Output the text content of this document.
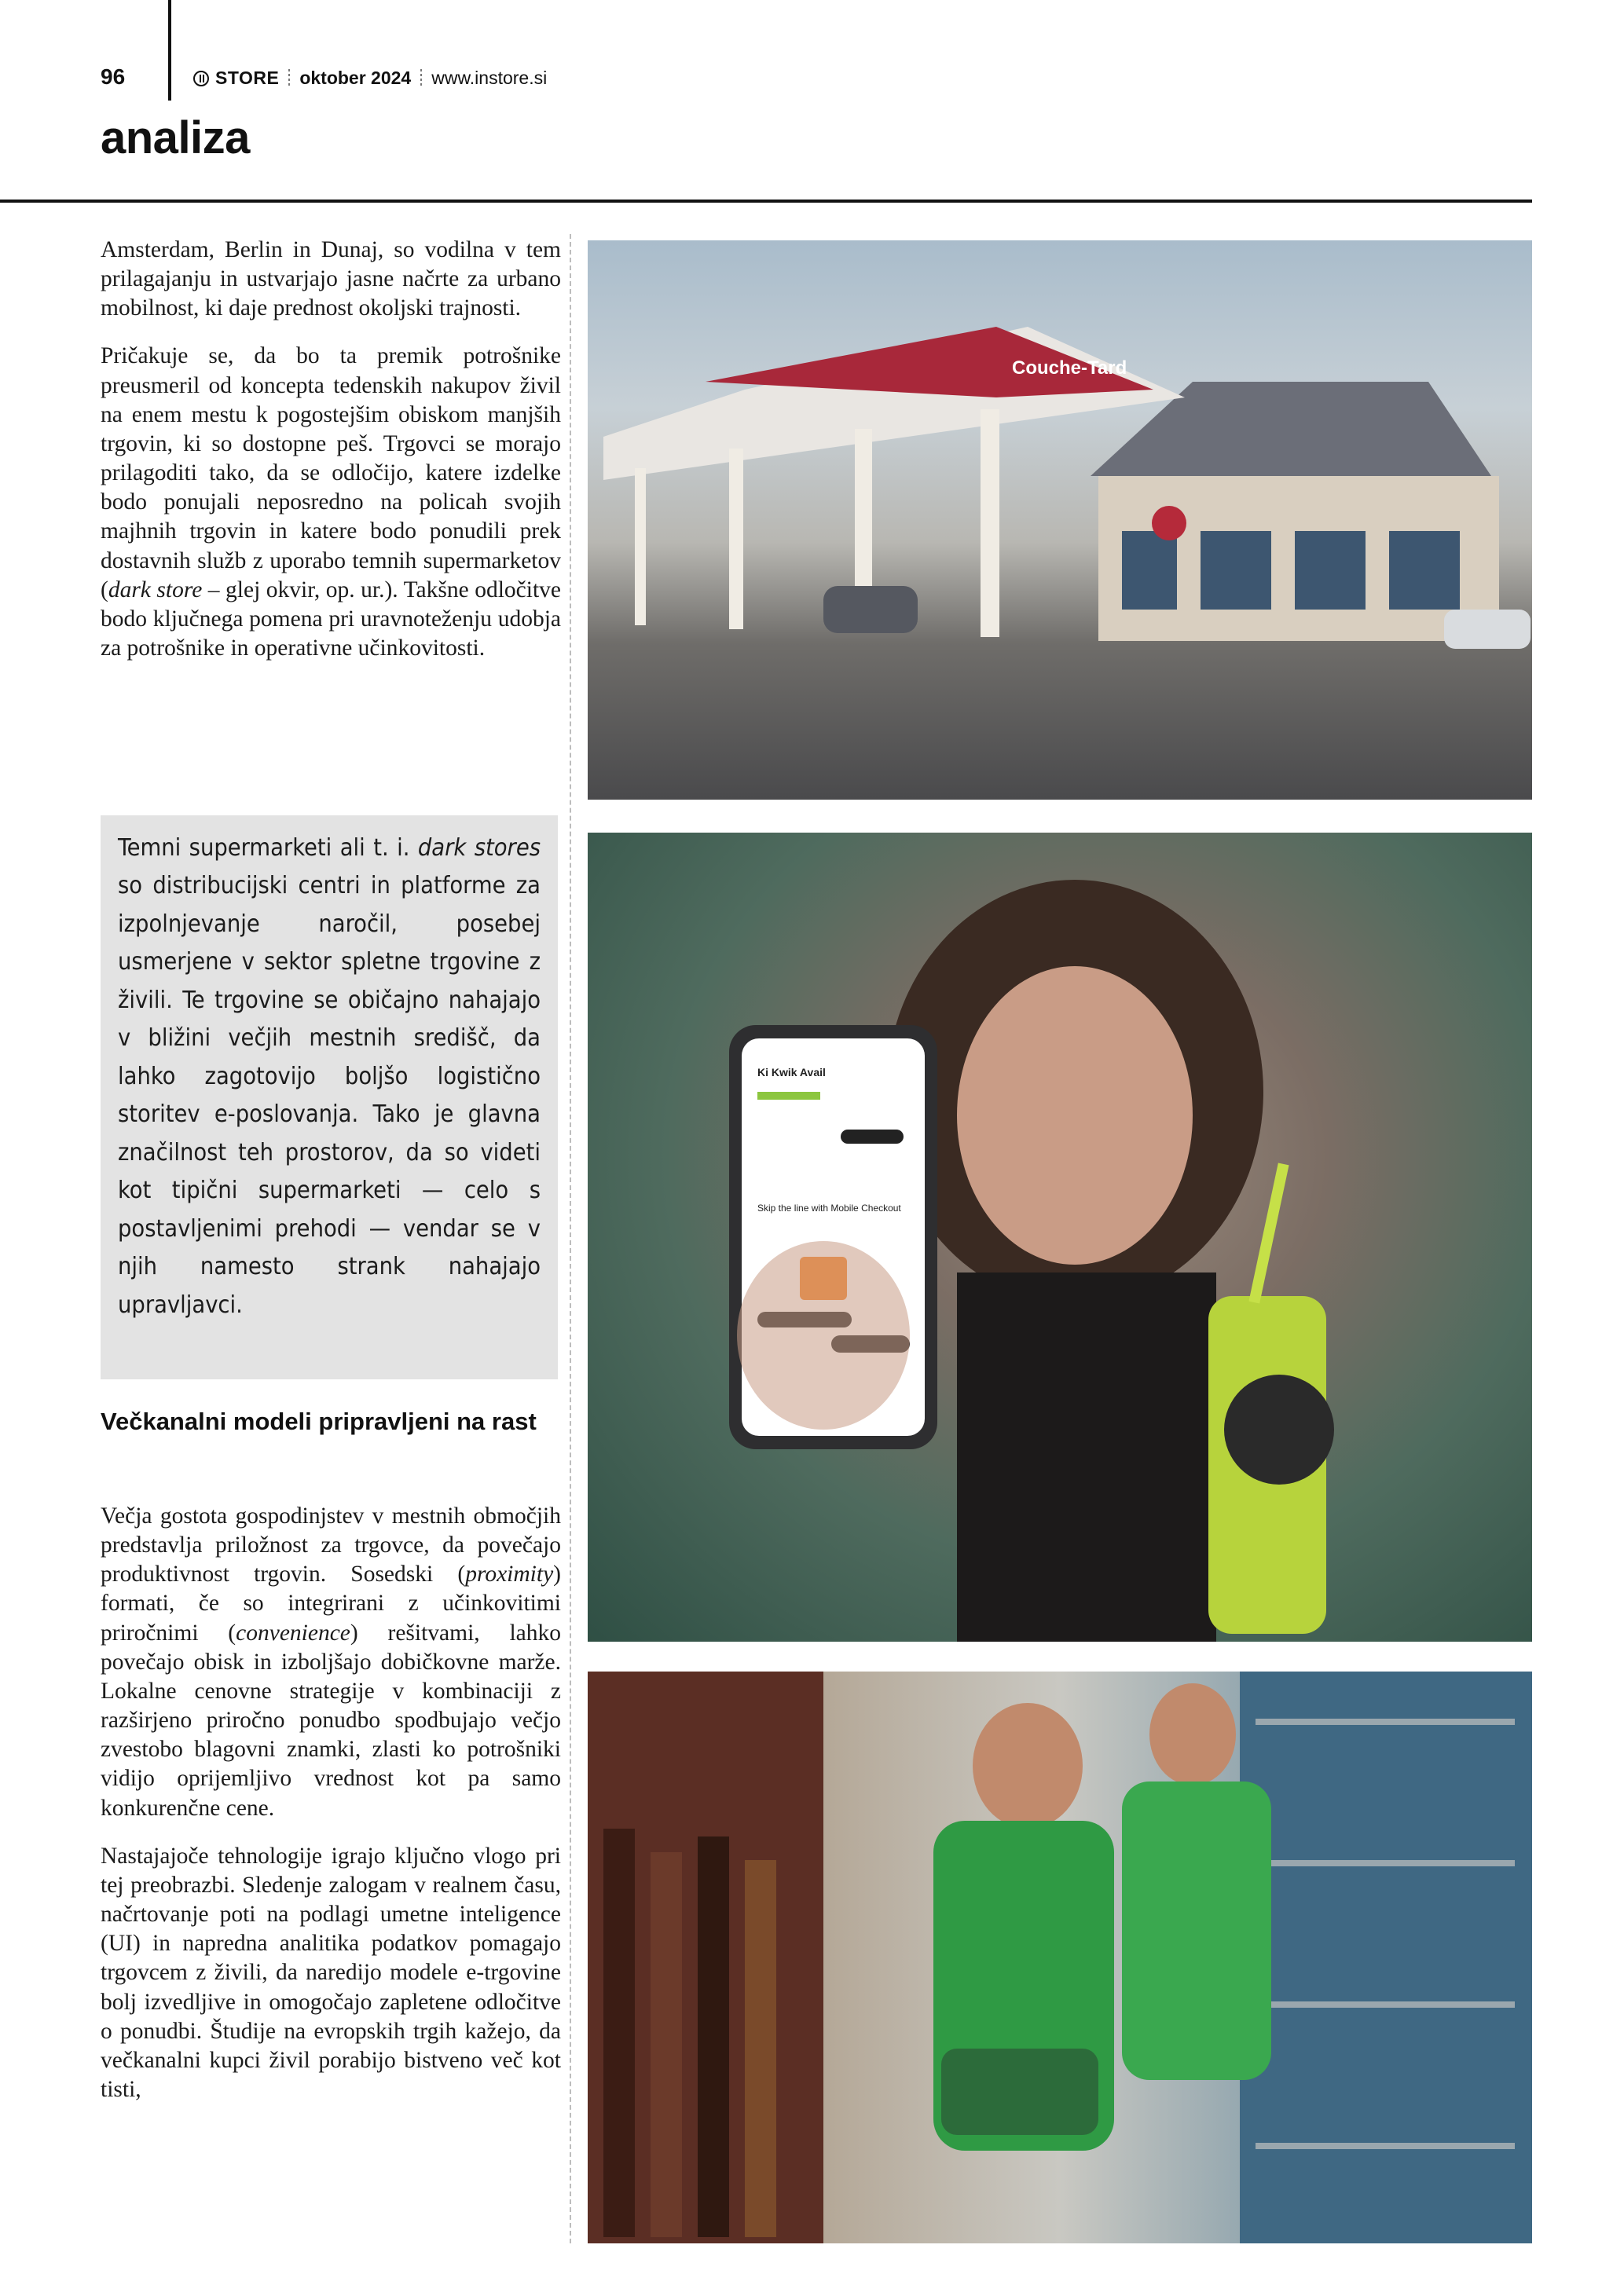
96	STORE oktober 2024 www.instore.si
analiza

Amsterdam, Berlin in Dunaj, so vodilna v tem prilagajanju in ustvarjajo jasne načrte za urbano mobilnost, ki daje prednost okoljski trajnosti.

Pričakuje se, da bo ta premik potrošnike preusmeril od koncepta tedenskih nakupov živil na enem mestu k pogostejšim obiskom manjših trgovin, ki so dostopne peš. Trgovci se morajo prilagoditi tako, da se odločijo, katere izdelke bodo ponujali neposredno na policah svojih majhnih trgovin in katere bodo ponudili prek dostavnih služb z uporabo temnih supermarketov (dark store – glej okvir, op. ur.). Takšne odločitve bodo ključnega pomena pri uravnoteženju udobja za potrošnike in operativne učinkovitosti.

Temni supermarketi ali t. i. dark stores so distribucijski centri in platforme za izpolnjevanje naročil, posebej usmerjene v sektor spletne trgovine z živili. Te trgovine se običajno nahajajo v bližini večjih mestnih središč, da lahko zagotovijo boljšo logistično storitev e-poslovanja. Tako je glavna značilnost teh prostorov, da so videti kot tipični supermarketi — celo s postavljenimi prehodi — vendar se v njih namesto strank nahajajo upravljavci.
Večkanalni modeli pripravljeni na rast

Večja gostota gospodinjstev v mestnih območjih predstavlja priložnost za trgovce, da povečajo produktivnost trgovin. Sosedski (proximity) formati, če so integrirani z učinkovitimi priročnimi (convenience) rešitvami, lahko povečajo obisk in izboljšajo dobičkovne marže. Lokalne cenovne strategije v kombinaciji z razširjeno priročno ponudbo spodbujajo večjo zvestobo blagovni znamki, zlasti ko potrošniki vidijo oprijemljivo vrednost kot pa samo konkurenčne cene.

Nastajajoče tehnologije igrajo ključno vlogo pri tej preobrazbi. Sledenje zalogam v realnem času, načrtovanje poti na podlagi umetne inteligence (UI) in napredna analitika podatkov pomagajo trgovcem z živili, da naredijo modele e-trgovine bolj izvedljive in omogočajo zapletene odločitve o ponudbi. Študije na evropskih trgih kažejo, da večkanalni kupci živil porabijo bistveno več kot tisti,

Couche-Tard
Ki Kwik Avail
Skip the line with Mobile Checkout
